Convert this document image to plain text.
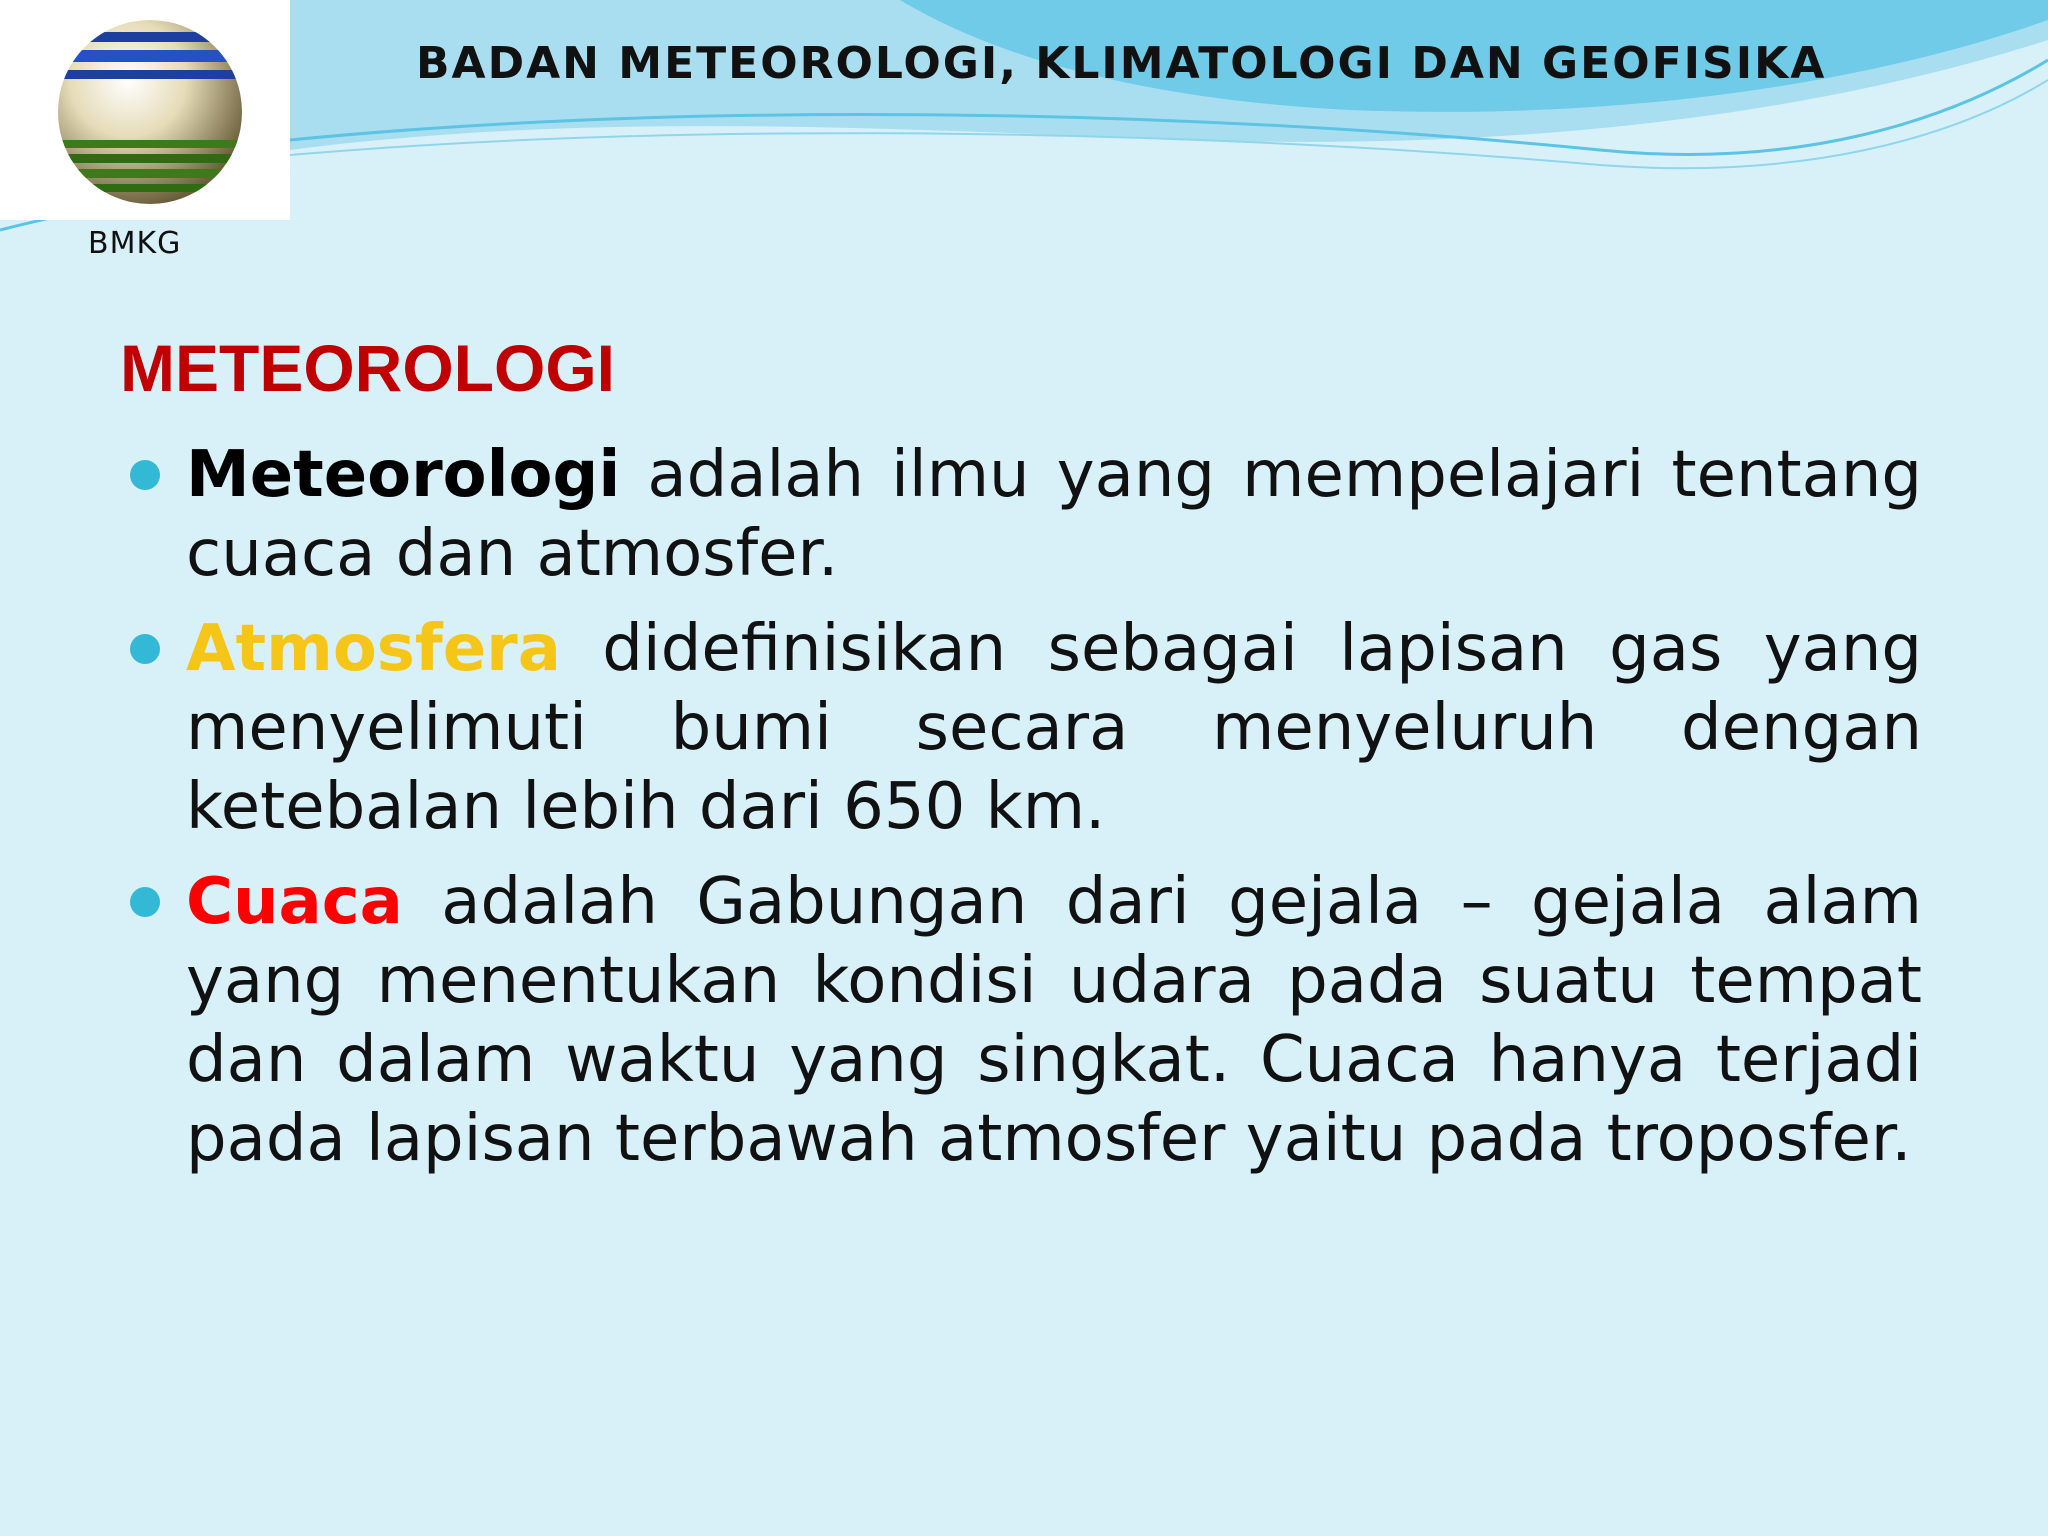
BMKG
BADAN METEOROLOGI, KLIMATOLOGI DAN GEOFISIKA
METEOROLOGI
Meteorologi adalah ilmu yang mempelajari tentang cuaca dan atmosfer.
Atmosfera didefinisikan sebagai lapisan gas yang menyelimuti bumi secara menyeluruh dengan ketebalan lebih dari 650 km.
Cuaca adalah Gabungan dari gejala – gejala alam yang menentukan kondisi udara pada suatu tempat dan dalam waktu yang singkat. Cuaca hanya terjadi pada lapisan terbawah atmosfer yaitu pada troposfer.
